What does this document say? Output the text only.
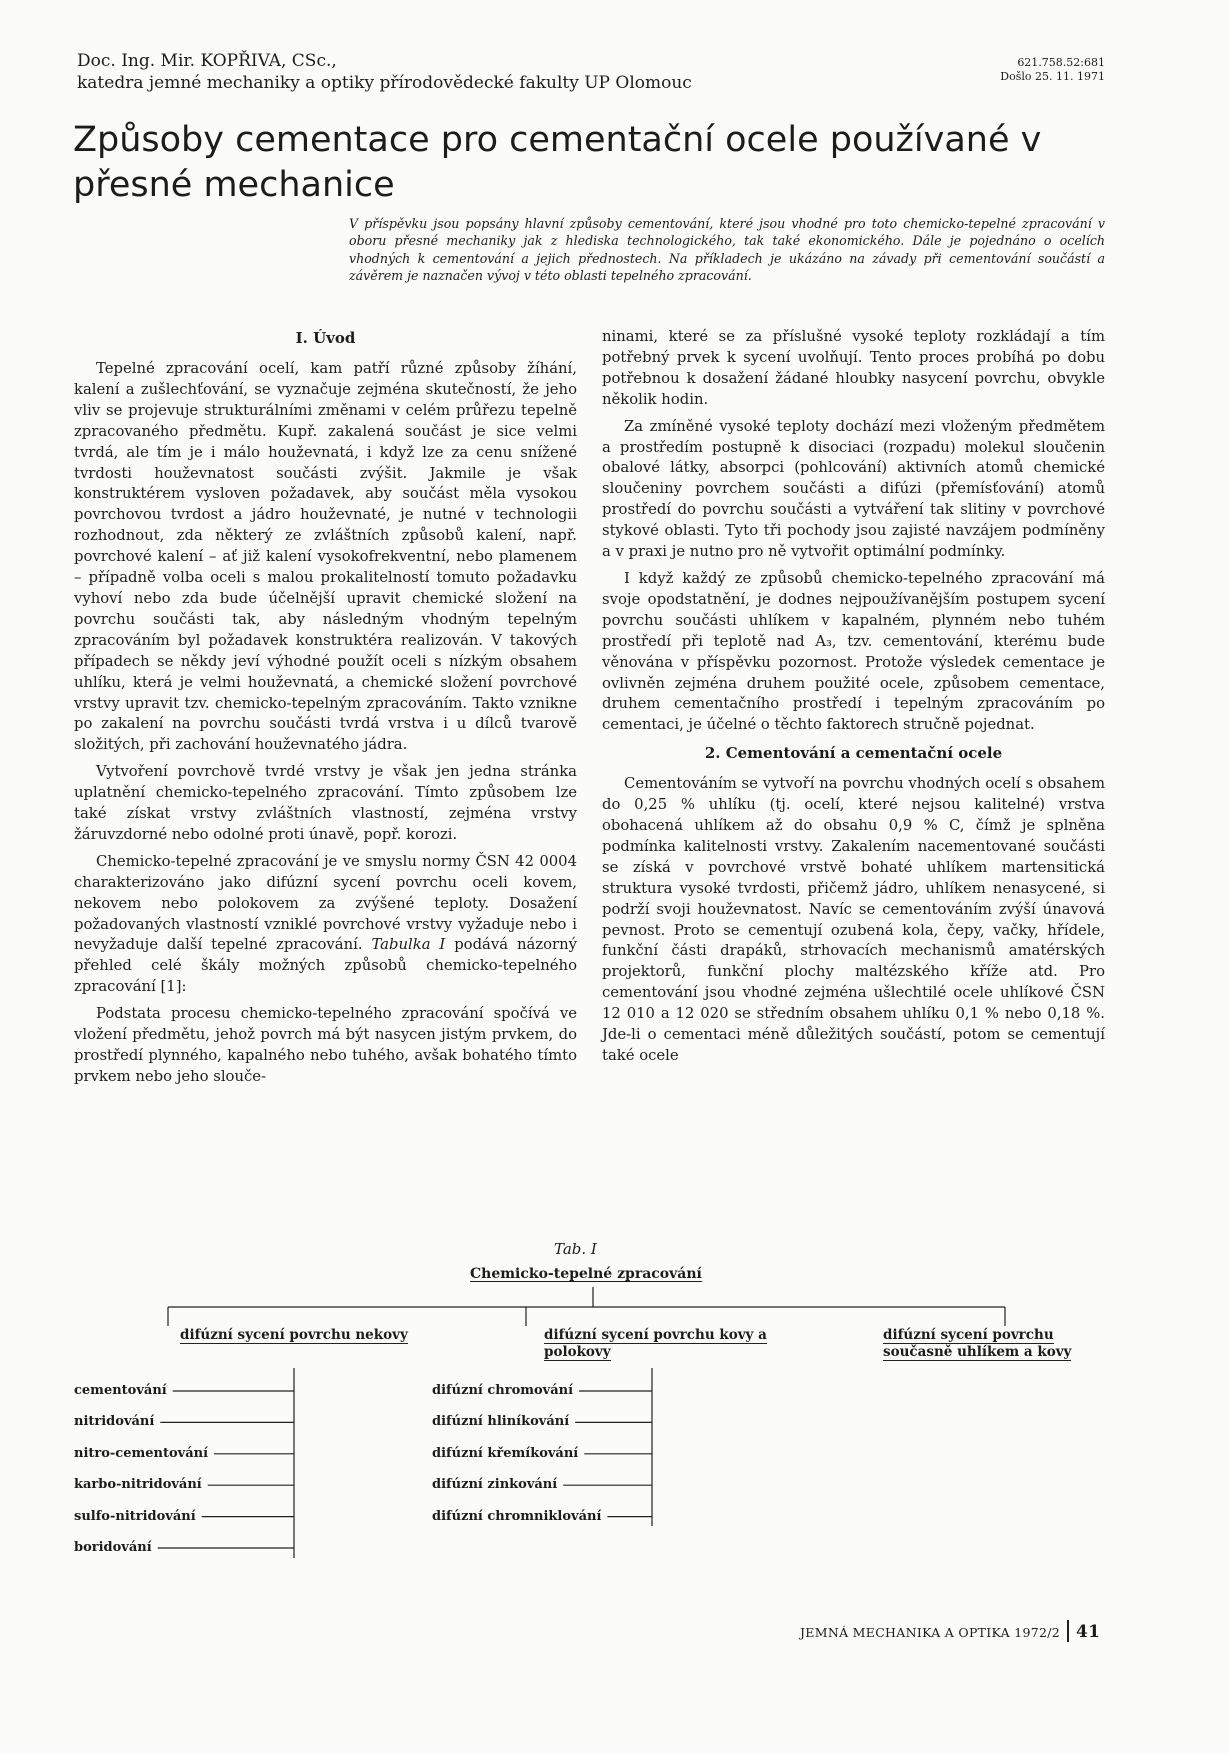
Doc. Ing. Mir. KOPŘIVA, CSc.,
katedra jemné mechaniky a optiky přírodovědecké fakulty UP Olomouc
621.758.52:681
Došlo 25. 11. 1971
Způsoby cementace pro cementační ocele používané v přesné mechanice
V příspěvku jsou popsány hlavní způsoby cementování, které jsou vhodné pro toto chemicko-tepelné zpracování v oboru přesné mechaniky jak z hlediska technologického, tak také ekonomického. Dále je pojednáno o ocelích vhodných k cementování a jejich přednostech. Na příkladech je ukázáno na závady při cementování součástí a závěrem je naznačen vývoj v této oblasti tepelného zpracování.
I. Úvod

Tepelné zpracování ocelí, kam patří různé způsoby žíhání, kalení a zušlechťování, se vyznačuje zejména skutečností, že jeho vliv se projevuje strukturálními změnami v celém průřezu tepelně zpracovaného předmětu. Kupř. zakalená součást je sice velmi tvrdá, ale tím je i málo houževnatá, i když lze za cenu snížené tvrdosti houževnatost součásti zvýšit. Jakmile je však konstruktérem vysloven požadavek, aby součást měla vysokou povrchovou tvrdost a jádro houževnaté, je nutné v technologii rozhodnout, zda některý ze zvláštních způsobů kalení, např. povrchové kalení – ať již kalení vysokofrekventní, nebo plamenem – případně volba oceli s malou prokalitelností tomuto požadavku vyhoví nebo zda bude účelnější upravit chemické složení na povrchu součásti tak, aby následným vhodným tepelným zpracováním byl požadavek konstruktéra realizován. V takových případech se někdy jeví výhodné použít oceli s nízkým obsahem uhlíku, která je velmi houževnatá, a chemické složení povrchové vrstvy upravit tzv. chemicko-tepelným zpracováním. Takto vznikne po zakalení na povrchu součásti tvrdá vrstva i u dílců tvarově složitých, při zachování houževnatého jádra.

Vytvoření povrchově tvrdé vrstvy je však jen jedna stránka uplatnění chemicko-tepelného zpracování. Tímto způsobem lze také získat vrstvy zvláštních vlastností, zejména vrstvy žáruvzdorné nebo odolné proti únavě, popř. korozi.

Chemicko-tepelné zpracování je ve smyslu normy ČSN 42 0004 charakterizováno jako difúzní sycení povrchu oceli kovem, nekovem nebo polokovem za zvýšené teploty. Dosažení požadovaných vlastností vzniklé povrchové vrstvy vyžaduje nebo i nevyžaduje další tepelné zpracování. Tabulka I podává názorný přehled celé škály možných způsobů chemicko-tepelného zpracování [1]:

Podstata procesu chemicko-tepelného zpracování spočívá ve vložení předmětu, jehož povrch má být nasycen jistým prvkem, do prostředí plynného, kapalného nebo tuhého, avšak bohatého tímto prvkem nebo jeho slouče-

ninami, které se za příslušné vysoké teploty rozkládají a tím potřebný prvek k sycení uvolňují. Tento proces probíhá po dobu potřebnou k dosažení žádané hloubky nasycení povrchu, obvykle několik hodin.

Za zmíněné vysoké teploty dochází mezi vloženým předmětem a prostředím postupně k disociaci (rozpadu) molekul sloučenin obalové látky, absorpci (pohlcování) aktivních atomů chemické sloučeniny povrchem součásti a difúzi (přemísťování) atomů prostředí do povrchu součásti a vytváření tak slitiny v povrchové stykové oblasti. Tyto tři pochody jsou zajisté navzájem podmíněny a v praxi je nutno pro ně vytvořit optimální podmínky.

I když každý ze způsobů chemicko-tepelného zpracování má svoje opodstatnění, je dodnes nejpoužívanějším postupem sycení povrchu součásti uhlíkem v kapalném, plynném nebo tuhém prostředí při teplotě nad A₃, tzv. cementování, kterému bude věnována v příspěvku pozornost. Protože výsledek cementace je ovlivněn zejména druhem použité ocele, způsobem cementace, druhem cementačního prostředí i tepelným zpracováním po cementaci, je účelné o těchto faktorech stručně pojednat.

2. Cementování a cementační ocele

Cementováním se vytvoří na povrchu vhodných ocelí s obsahem do 0,25 % uhlíku (tj. ocelí, které nejsou kalitelné) vrstva obohacená uhlíkem až do obsahu 0,9 % C, čímž je splněna podmínka kalitelnosti vrstvy. Zakalením nacementované součásti se získá v povrchové vrstvě bohaté uhlíkem martensitická struktura vysoké tvrdosti, přičemž jádro, uhlíkem nenasycené, si podrží svoji houževnatost. Navíc se cementováním zvýší únavová pevnost. Proto se cementují ozubená kola, čepy, vačky, hřídele, funkční části drapáků, strhovacích mechanismů amatérských projektorů, funkční plochy maltézského kříže atd. Pro cementování jsou vhodné zejména ušlechtilé ocele uhlíkové ČSN 12 010 a 12 020 se středním obsahem uhlíku 0,1 % nebo 0,18 %. Jde-li o cementaci méně důležitých součástí, potom se cementují také ocele

Tab. I
Chemicko-tepelné zpracování
difúzní sycení povrchu nekovy	difúzní sycení povrchu kovy a polokovy
difúzní sycení povrchu současně uhlíkem a kovy
cementování
nitridování
nitro-cementování
karbo-nitridování
sulfo-nitridování
boridování
difúzní chromování
difúzní hliníkování
difúzní křemíkování
difúzní zinkování
difúzní chromniklování
JEMNÁ MECHANIKA A OPTIKA 1972/2 41
